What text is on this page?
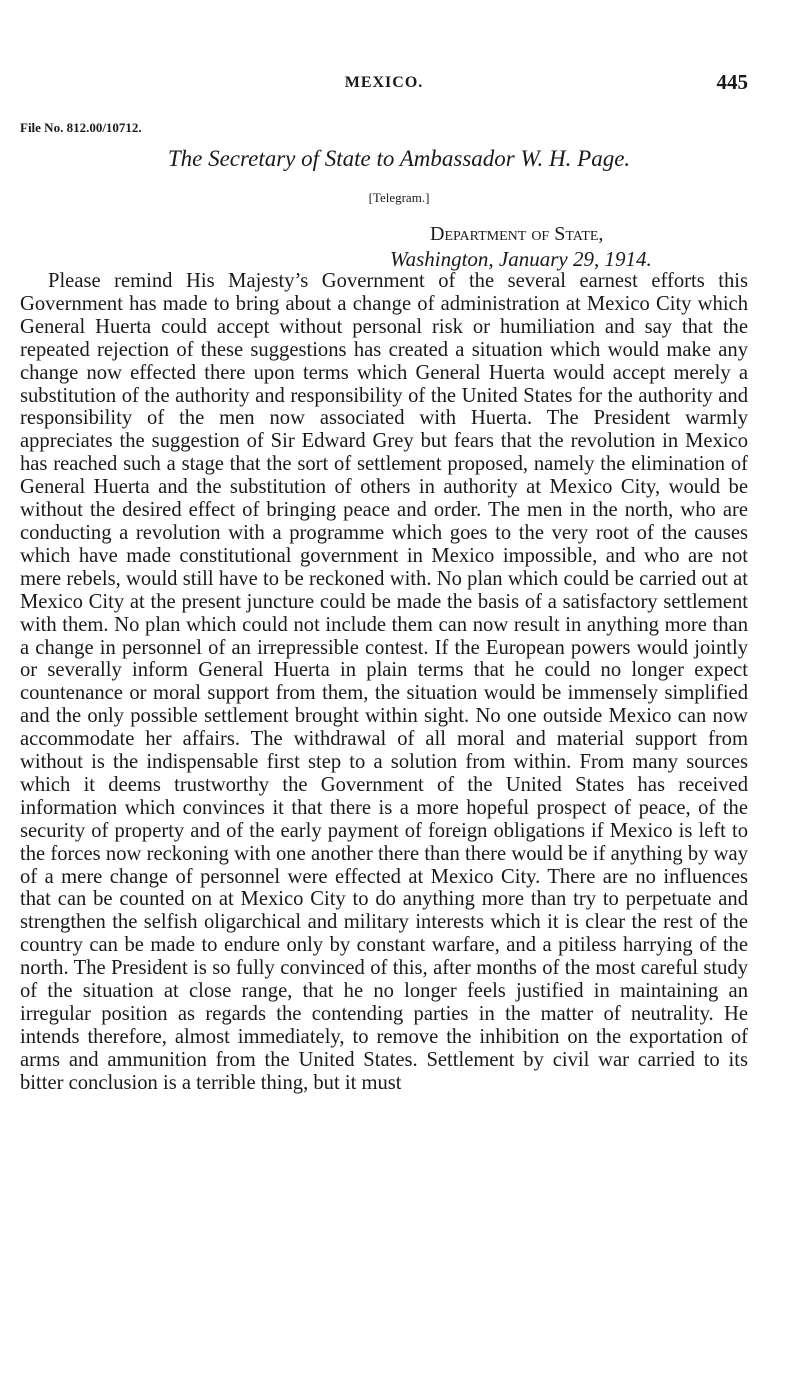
MEXICO.	445
File No. 812.00/10712.
The Secretary of State to Ambassador W. H. Page.
[Telegram.]
Department of State,
Washington, January 29, 1914.

Please remind His Majesty’s Government of the several earnest efforts this Government has made to bring about a change of administration at Mexico City which General Huerta could accept without personal risk or humiliation and say that the repeated rejection of these suggestions has created a situation which would make any change now effected there upon terms which General Huerta would accept merely a substitution of the authority and responsibility of the United States for the authority and responsibility of the men now associated with Huerta. The President warmly appreciates the suggestion of Sir Edward Grey but fears that the revolution in Mexico has reached such a stage that the sort of settlement proposed, namely the elimination of General Huerta and the substitution of others in authority at Mexico City, would be without the desired effect of bringing peace and order. The men in the north, who are conducting a revolution with a programme which goes to the very root of the causes which have made constitutional government in Mexico impossible, and who are not mere rebels, would still have to be reckoned with. No plan which could be carried out at Mexico City at the present juncture could be made the basis of a satisfactory settlement with them. No plan which could not include them can now result in anything more than a change in personnel of an irrepressible contest. If the European powers would jointly or severally inform General Huerta in plain terms that he could no longer expect countenance or moral support from them, the situation would be immensely simplified and the only possible settlement brought within sight. No one outside Mexico can now accommodate her affairs. The withdrawal of all moral and material support from without is the indispensable first step to a solution from within. From many sources which it deems trustworthy the Government of the United States has received information which convinces it that there is a more hopeful prospect of peace, of the security of property and of the early payment of foreign obligations if Mexico is left to the forces now reckoning with one another there than there would be if anything by way of a mere change of personnel were effected at Mexico City. There are no influences that can be counted on at Mexico City to do anything more than try to perpetuate and strengthen the selfish oligarchical and military interests which it is clear the rest of the country can be made to endure only by constant warfare, and a pitiless harrying of the north. The President is so fully convinced of this, after months of the most careful study of the situation at close range, that he no longer feels justified in maintaining an irregular position as regards the contending parties in the matter of neutrality. He intends therefore, almost immediately, to remove the inhibition on the exportation of arms and ammunition from the United States. Settlement by civil war carried to its bitter conclusion is a terrible thing, but it must
